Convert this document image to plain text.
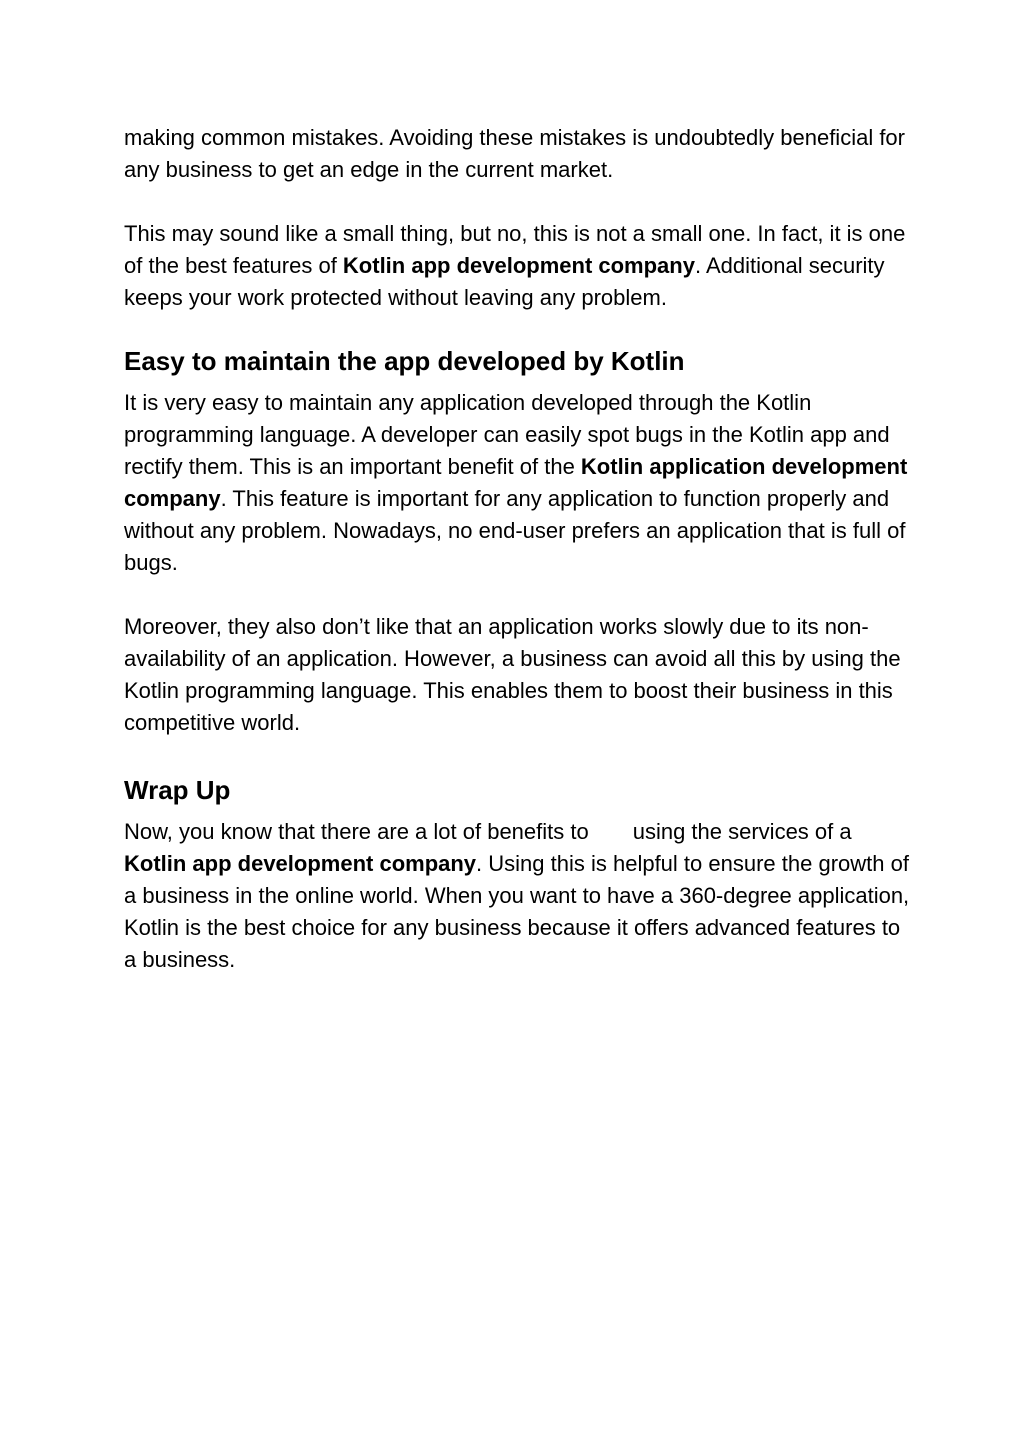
making common mistakes. Avoiding these mistakes is undoubtedly beneficial for any business to get an edge in the current market.

This may sound like a small thing, but no, this is not a small one. In fact, it is one of the best features of Kotlin app development company. Additional security keeps your work protected without leaving any problem.

Easy to maintain the app developed by Kotlin

It is very easy to maintain any application developed through the Kotlin programming language. A developer can easily spot bugs in the Kotlin app and rectify them. This is an important benefit of the Kotlin application development company. This feature is important for any application to function properly and without any problem. Nowadays, no end-user prefers an application that is full of bugs.

Moreover, they also don’t like that an application works slowly due to its non-availability of an application. However, a business can avoid all this by using the Kotlin programming language. This enables them to boost their business in this competitive world.

Wrap Up

Now, you know that there are a lot of benefits to using the services of a Kotlin app development company. Using this is helpful to ensure the growth of a business in the online world. When you want to have a 360-degree application, Kotlin is the best choice for any business because it offers advanced features to a business.
